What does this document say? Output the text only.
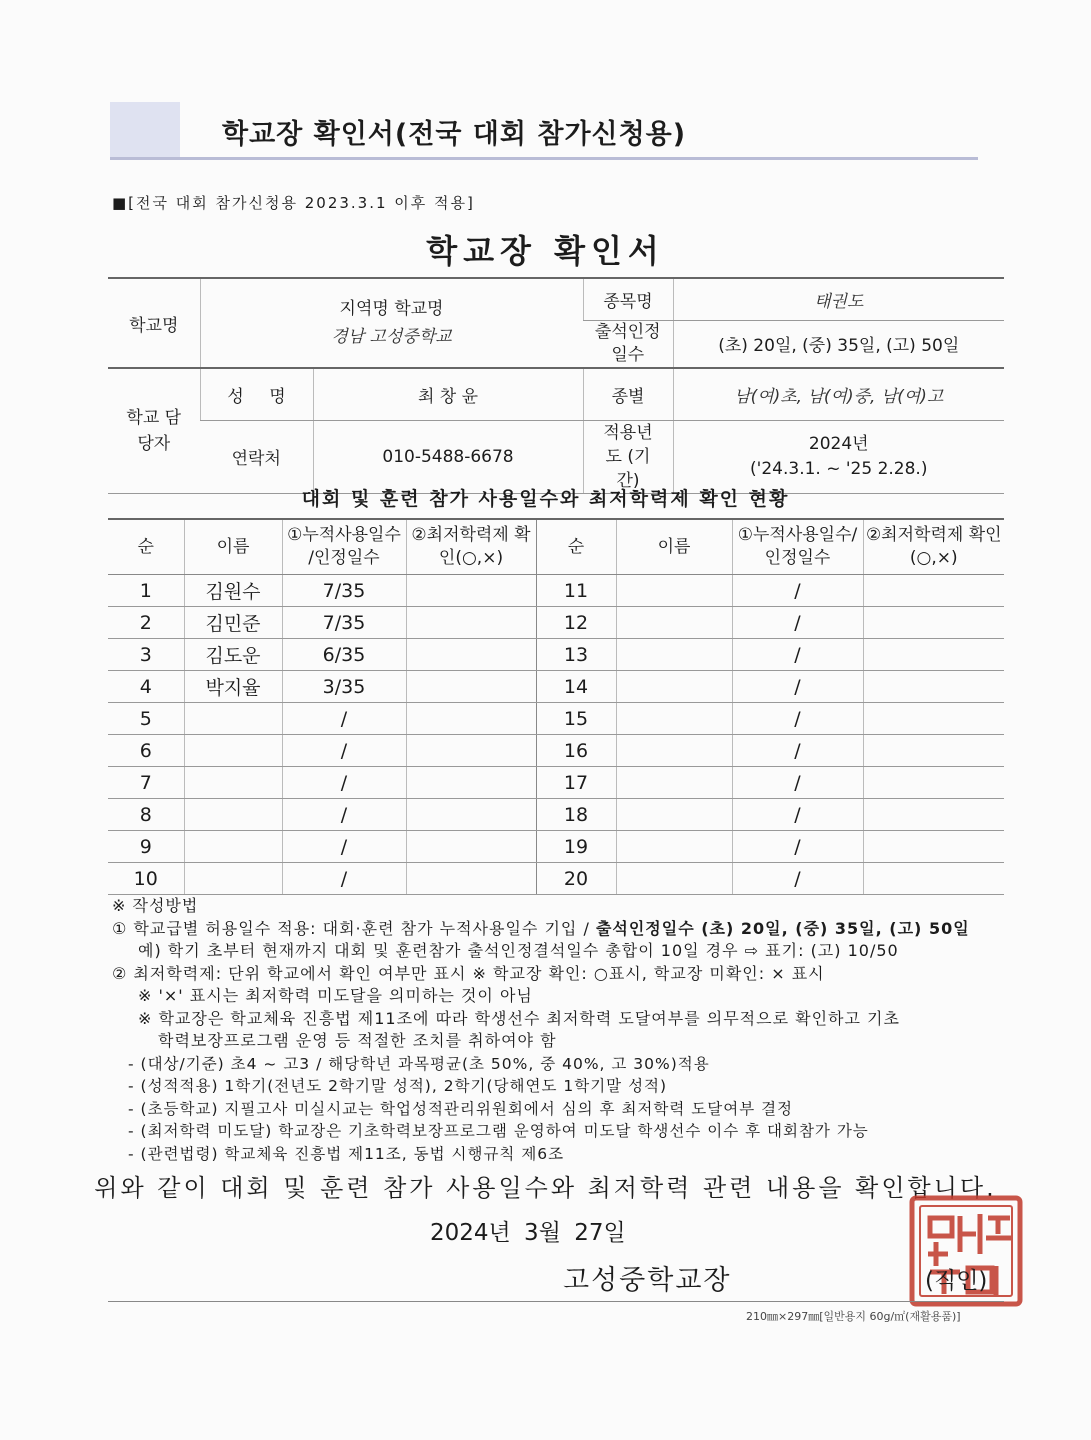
학교장 확인서(전국 대회 참가신청용)
■[전국 대회 참가신청용 2023.3.1 이후 적용]
학교장 확인서
학교명	지역명 학교명
경남 고성중학교		종목명	태권도
			출석인정일수	(초) 20일, (중) 35일, (고) 50일
학교 담당자	성 명	최 창 윤	종별	남(여)초, 남(여)중, 남(여)고
	연락처	010-5488-6678	적용년도 (기간)	2024년
('24.3.1. ~ '25 2.28.)
대회 및 훈련 참가 사용일수와 최저학력제 확인 현황
순	이름	①누적사용일수 /인정일수	②최저학력제 확인(○,×)	순	이름	①누적사용일수/ 인정일수	②최저학력제 확인(○,×)
1	김원수	7/35		11		/	
2	김민준	7/35		12		/	
3	김도운	6/35		13		/	
4	박지율	3/35		14		/	
5		/		15		/	
6		/		16		/	
7		/		17		/	
8		/		18		/	
9		/		19		/	
10		/		20		/	

※ 작성방법

① 학교급별 허용일수 적용: 대회·훈련 참가 누적사용일수 기입 / 출석인정일수 (초) 20일, (중) 35일, (고) 50일

예) 학기 초부터 현재까지 대회 및 훈련참가 출석인정결석일수 총합이 10일 경우 ⇨ 표기: (고) 10/50

② 최저학력제: 단위 학교에서 확인 여부만 표시 ※ 학교장 확인: ○표시, 학교장 미확인: × 표시

※ '×' 표시는 최저학력 미도달을 의미하는 것이 아님

※ 학교장은 학교체육 진흥법 제11조에 따라 학생선수 최저학력 도달여부를 의무적으로 확인하고 기초

학력보장프로그램 운영 등 적절한 조치를 취하여야 함

- (대상/기준) 초4 ~ 고3 / 해당학년 과목평균(초 50%, 중 40%, 고 30%)적용

- (성적적용) 1학기(전년도 2학기말 성적), 2학기(당해연도 1학기말 성적)

- (초등학교) 지필고사 미실시교는 학업성적관리위원회에서 심의 후 최저학력 도달여부 결정

- (최저학력 미도달) 학교장은 기초학력보장프로그램 운영하여 미도달 학생선수 이수 후 대회참가 가능

- (관련법령) 학교체육 진흥법 제11조, 동법 시행규칙 제6조

위와 같이 대회 및 훈련 참가 사용일수와 최저학력 관련 내용을 확인합니다.
2024년 3월 27일
고성중학교장	(직인)
210㎜×297㎜[일반용지 60g/㎡(재활용품)]
